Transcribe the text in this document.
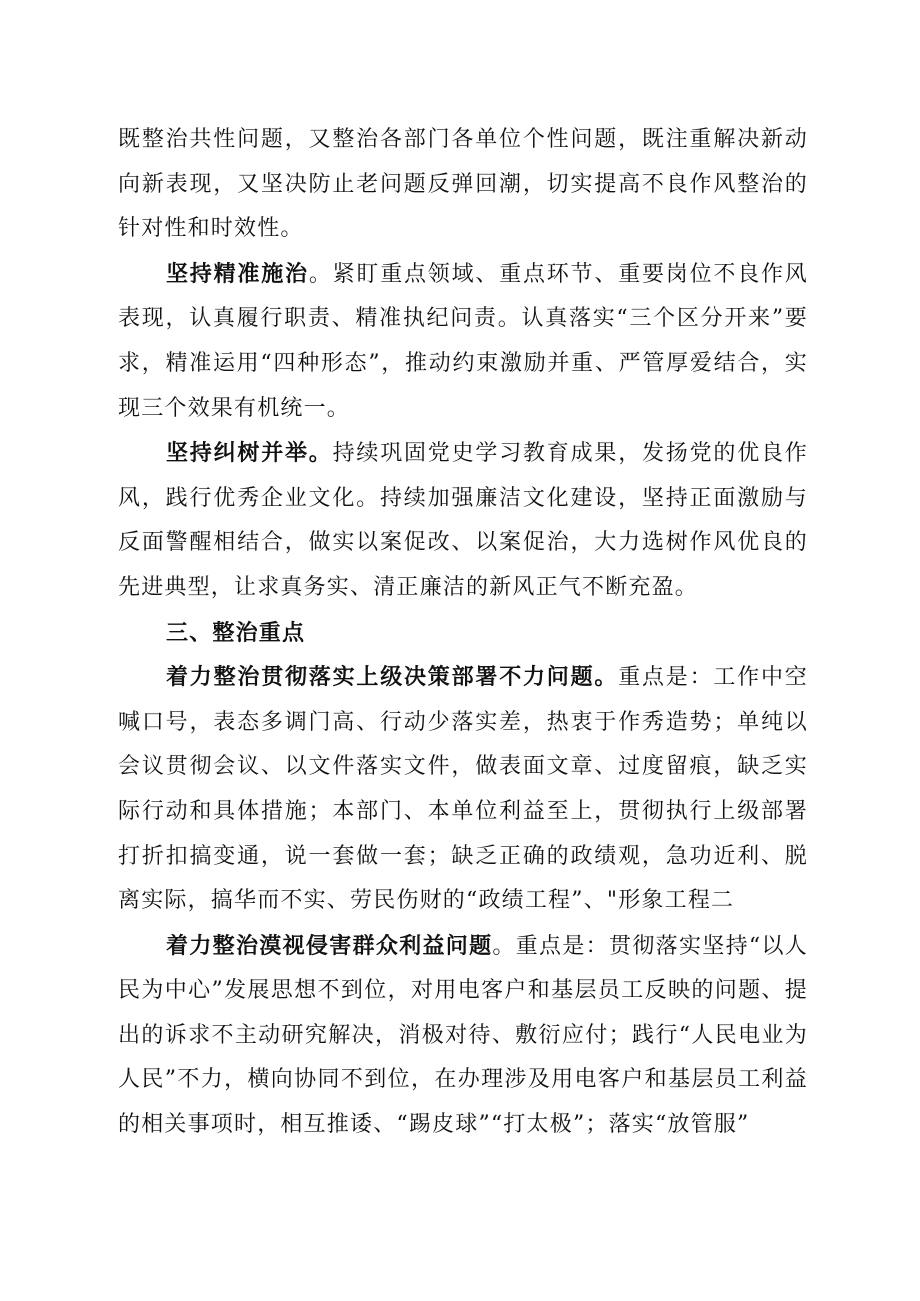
既整治共性问题，又整治各部门各单位个性问题，既注重解决新动向新表现，又坚决防止老问题反弹回潮，切实提高不良作风整治的针对性和时效性。

坚持精准施治。紧盯重点领域、重点环节、重要岗位不良作风表现，认真履行职责、精准执纪问责。认真落实“三个区分开来”要求，精准运用“四种形态”，推动约束激励并重、严管厚爱结合，实现三个效果有机统一。

坚持纠树并举。持续巩固党史学习教育成果，发扬党的优良作风，践行优秀企业文化。持续加强廉洁文化建设，坚持正面激励与反面警醒相结合，做实以案促改、以案促治，大力选树作风优良的先进典型，让求真务实、清正廉洁的新风正气不断充盈。

三、整治重点

着力整治贯彻落实上级决策部署不力问题。重点是：工作中空喊口号，表态多调门高、行动少落实差，热衷于作秀造势；单纯以会议贯彻会议、以文件落实文件，做表面文章、过度留痕，缺乏实际行动和具体措施；本部门、本单位利益至上，贯彻执行上级部署打折扣搞变通，说一套做一套；缺乏正确的政绩观，急功近利、脱离实际，搞华而不实、劳民伤财的“政绩工程”、"形象工程二

着力整治漠视侵害群众利益问题。重点是：贯彻落实坚持“以人民为中心”发展思想不到位，对用电客户和基层员工反映的问题、提出的诉求不主动研究解决，消极对待、敷衍应付；践行“人民电业为人民”不力，横向协同不到位，在办理涉及用电客户和基层员工利益的相关事项时，相互推诿、“踢皮球”“打太极”；落实“放管服”
